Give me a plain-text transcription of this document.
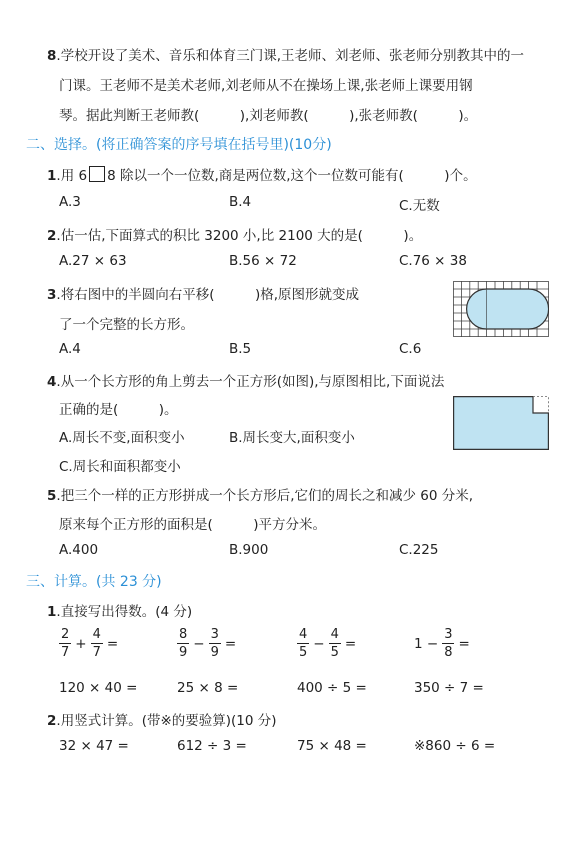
8.学校开设了美术、音乐和体育三门课,王老师、刘老师、张老师分别教其中的一
门课。王老师不是美术老师,刘老师从不在操场上课,张老师上课要用钢
琴。据此判断王老师教(　　　),刘老师教(　　　),张老师教(　　　)。
二、选择。(将正确答案的序号填在括号里)(10分)
1.用 6 8 除以一个一位数,商是两位数,这个一位数可能有(　　　)个。
A.3	B.4	C.无数
2.估一估,下面算式的积比 3200 小,比 2100 大的是(　　　)。
A.27 × 63	B.56 × 72	C.76 × 38
3.将右图中的半圆向右平移(　　　)格,原图形就变成
了一个完整的长方形。
A.4	B.5	C.6
4.从一个长方形的角上剪去一个正方形(如图),与原图相比,下面说法
正确的是(　　　)。
A.周长不变,面积变小	B.周长变大,面积变小
C.周长和面积都变小
5.把三个一样的正方形拼成一个长方形后,它们的周长之和减少 60 分米,
原来每个正方形的面积是(　　　)平方分米。
A.400	B.900	C.225
三、计算。(共 23 分)
1.直接写出得数。(4 分)
$\frac{2}{7} + \frac{4}{7}$ =	$\frac{8}{9} - \frac{3}{9}$ =	$\frac{4}{5} - \frac{4}{5}$ =	$1 - \frac{3}{8}$ =
120 × 40 =	25 × 8 =	400 ÷ 5 =	350 ÷ 7 =
2.用竖式计算。(带※的要验算)(10 分)
32 × 47 =	612 ÷ 3 =	75 × 48 =	※860 ÷ 6 =
